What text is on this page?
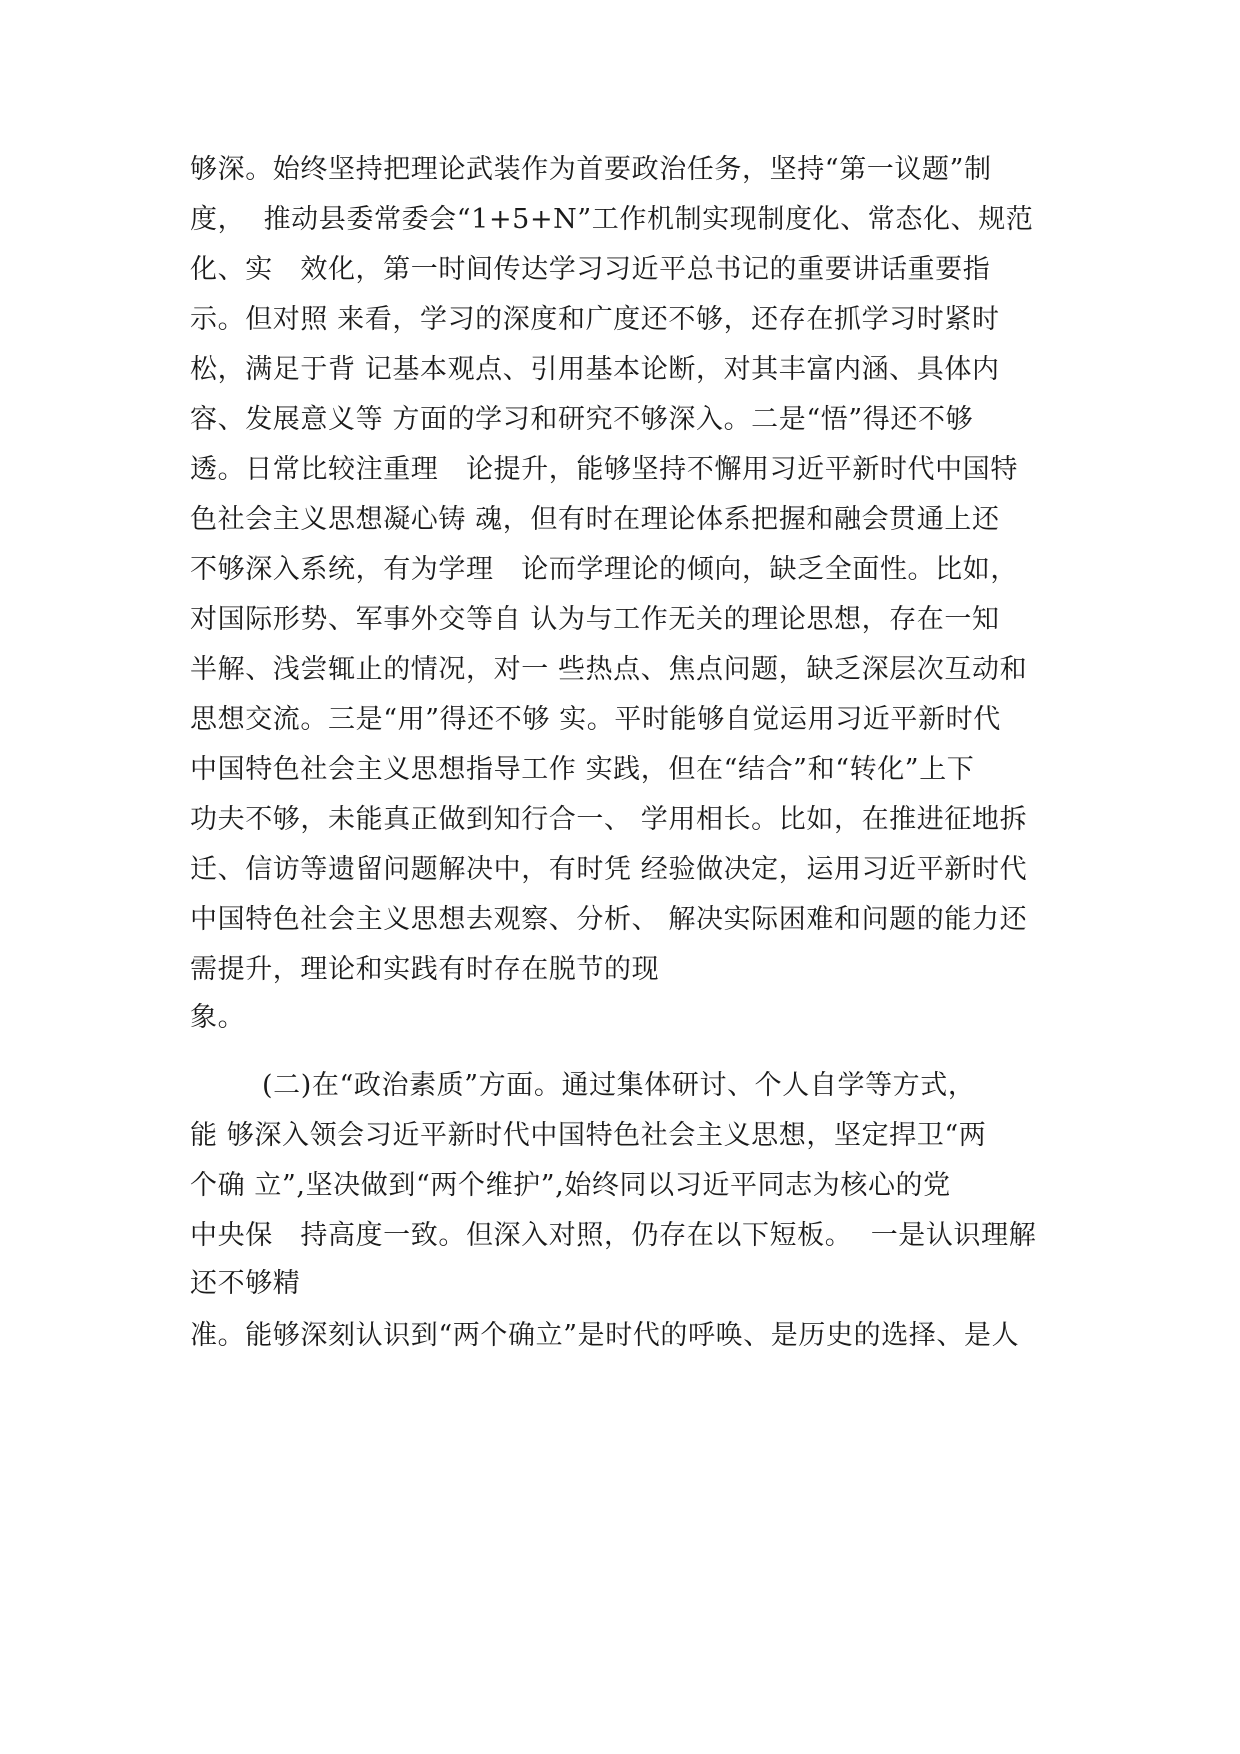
够深。始终坚持把理论武装作为首要政治任务，坚持“第一议题”制
度，  推动县委常委会“1+5+N”工作机制实现制度化、常态化、规范
化、实   效化，第一时间传达学习习近平总书记的重要讲话重要指
示。但对照 来看，学习的深度和广度还不够，还存在抓学习时紧时
松，满足于背 记基本观点、引用基本论断，对其丰富内涵、具体内
容、发展意义等 方面的学习和研究不够深入。二是“悟”得还不够
透。日常比较注重理   论提升，能够坚持不懈用习近平新时代中国特
色社会主义思想凝心铸 魂，但有时在理论体系把握和融会贯通上还
不够深入系统，有为学理   论而学理论的倾向，缺乏全面性。比如，
对国际形势、军事外交等自 认为与工作无关的理论思想，存在一知
半解、浅尝辄止的情况，对一 些热点、焦点问题，缺乏深层次互动和
思想交流。三是“用”得还不够 实。平时能够自觉运用习近平新时代
中国特色社会主义思想指导工作 实践，但在“结合”和“转化”上下
功夫不够，未能真正做到知行合一、 学用相长。比如，在推进征地拆
迁、信访等遗留问题解决中，有时凭 经验做决定，运用习近平新时代
中国特色社会主义思想去观察、分析、 解决实际困难和问题的能力还
需提升，理论和实践有时存在脱节的现
象。
(二)在“政治素质”方面。通过集体研讨、个人自学等方式，
能 够深入领会习近平新时代中国特色社会主义思想，坚定捍卫“两
个确 立”,坚决做到“两个维护”,始终同以习近平同志为核心的党
中央保   持高度一致。但深入对照，仍存在以下短板。  一是认识理解
还不够精
准。能够深刻认识到“两个确立”是时代的呼唤、是历史的选择、是人
